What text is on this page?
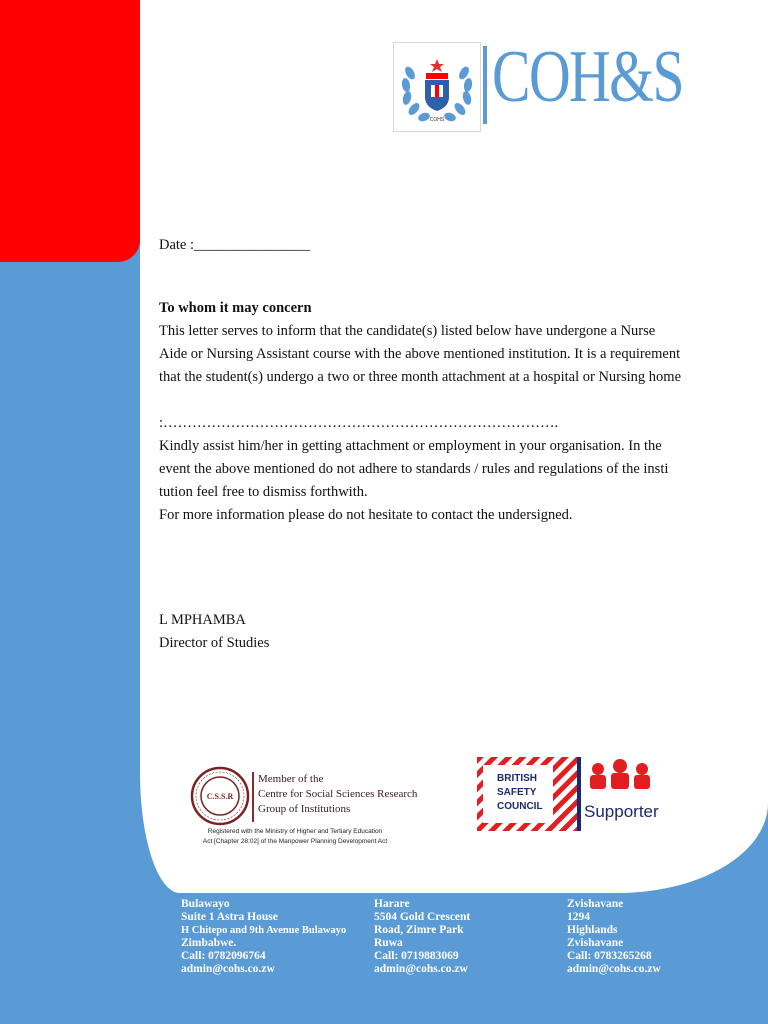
COHS
COH&S
Date :________________

To whom it may concern

This letter serves to inform that the candidate(s) listed below have undergone a Nurse

Aide or Nursing Assistant course with the above mentioned institution. It is a requirement

that the student(s) undergo a two or three month attachment at a hospital or Nursing home

:……………………………………………………………………….

Kindly assist him/her in getting attachment or employment in your organisation. In the

event the above mentioned do not adhere to standards / rules and regulations of the insti

tution feel free to dismiss forthwith.

For more information please do not hesitate to contact the undersigned.

L MPHAMBA
Director of Studies
C.S.S.R
Member of the
Centre for Social Sciences Research
Group of Institutions
Registered with the Ministry of Higher and Tertiary Education
Act [Chapter 28:02] of the Manpower Planning Development Act
BRITISH
SAFETY
COUNCIL Supporter
Bulawayo
Suite 1 Astra House
H Chitepo and 9th Avenue Bulawayo
Zimbabwe.
Call: 0782096764
admin@cohs.co.zw
Harare
5504 Gold Crescent
Road, Zimre Park
Ruwa
Call: 0719883069
admin@cohs.co.zw
Zvishavane
1294
Highlands
Zvishavane
Call: 0783265268
admin@cohs.co.zw
